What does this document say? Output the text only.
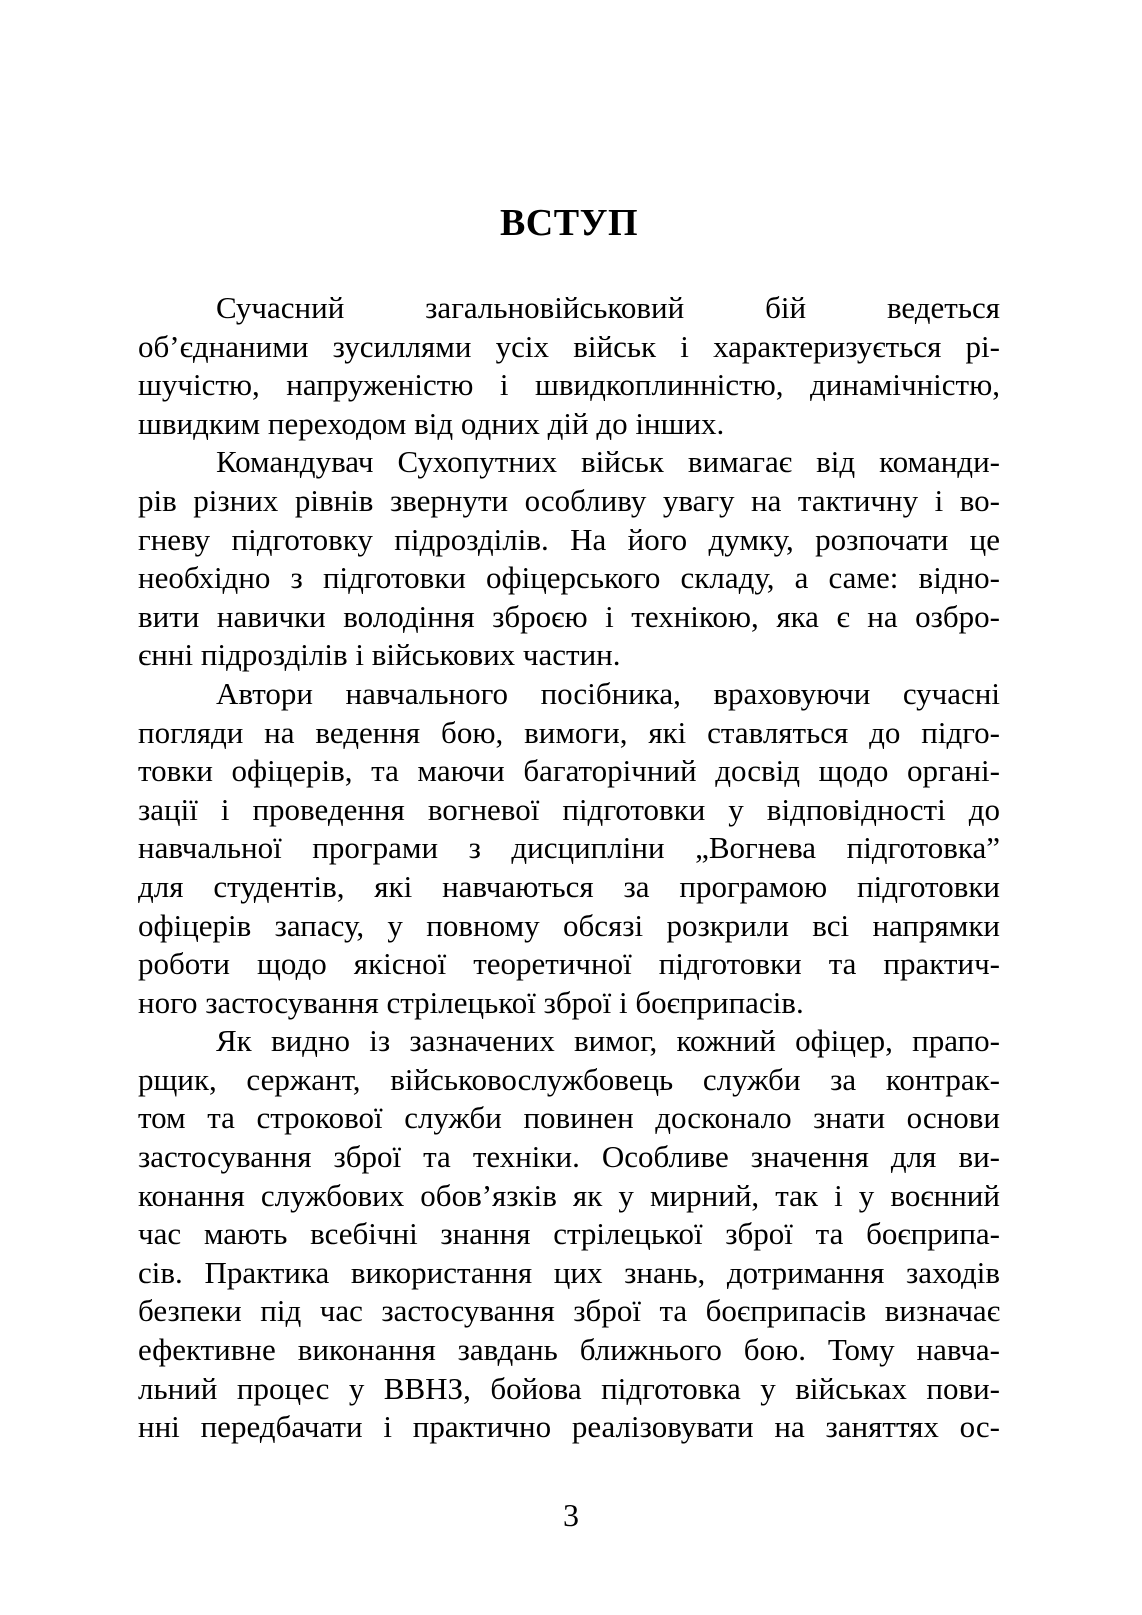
ВСТУП
Сучасний загальновійськовий бій ведеться
об’єднаними зусиллями усіх військ і характеризується рі-
шучістю, напруженістю і швидкоплинністю, динамічністю,
швидким переходом від одних дій до інших.
Командувач Сухопутних військ вимагає від команди-
рів різних рівнів звернути особливу увагу на тактичну і во-
гневу підготовку підрозділів. На його думку, розпочати це
необхідно з підготовки офіцерського складу, а саме: відно-
вити навички володіння зброєю і технікою, яка є на озбро-
єнні підрозділів і військових частин.
Автори навчального посібника, враховуючи сучасні
погляди на ведення бою, вимоги, які ставляться до підго-
товки офіцерів, та маючи багаторічний досвід щодо органі-
зації і проведення вогневої підготовки у відповідності до
навчальної програми з дисципліни „Вогнева підготовка”
для студентів, які навчаються за програмою підготовки
офіцерів запасу, у повному обсязі розкрили всі напрямки
роботи щодо якісної теоретичної підготовки та практич-
ного застосування стрілецької зброї і боєприпасів.
Як видно із зазначених вимог, кожний офіцер, прапо-
рщик, сержант, військовослужбовець служби за контрак-
том та строкової служби повинен досконало знати основи
застосування зброї та техніки. Особливе значення для ви-
конання службових обов’язків як у мирний, так і у воєнний
час мають всебічні знання стрілецької зброї та боєприпа-
сів. Практика використання цих знань, дотримання заходів
безпеки під час застосування зброї та боєприпасів визначає
ефективне виконання завдань ближнього бою. Тому навча-
льний процес у ВВНЗ, бойова підготовка у військах пови-
нні передбачати і практично реалізовувати на заняттях ос-
3
